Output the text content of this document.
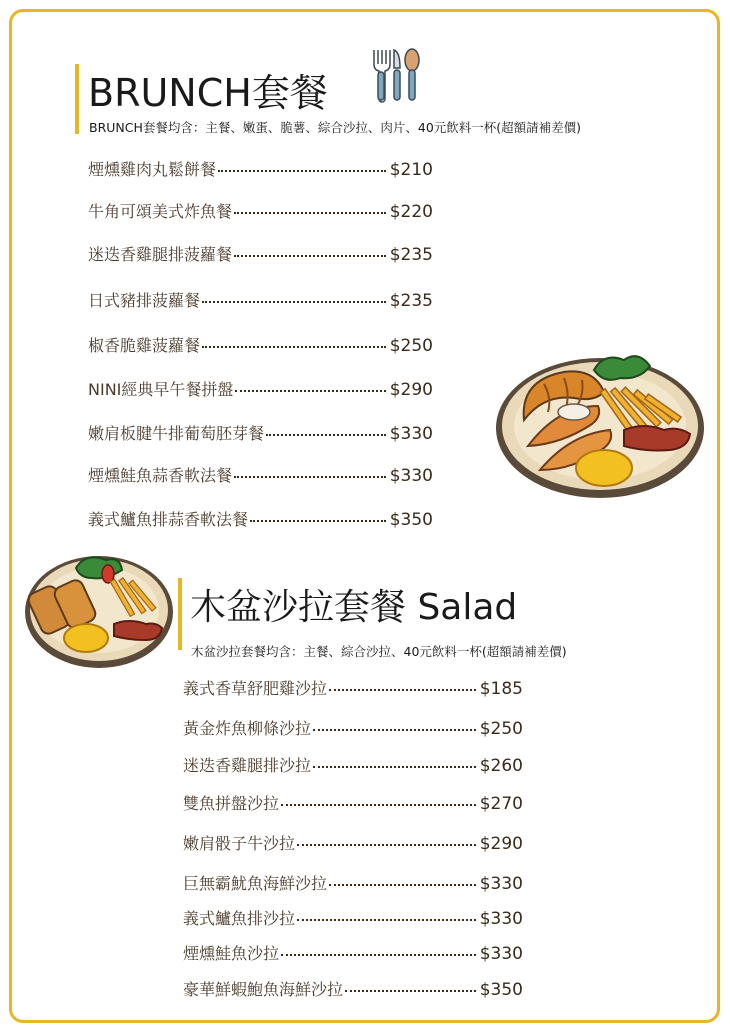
BRUNCH套餐
BRUNCH套餐均含：主餐、嫩蛋、脆薯、綜合沙拉、肉片、40元飲料一杯(超額請補差價)
煙燻雞肉丸鬆餅餐	$210
牛角可頌美式炸魚餐	$220
迷迭香雞腿排菠蘿餐	$235
日式豬排菠蘿餐	$235
椒香脆雞菠蘿餐	$250
NINI經典早午餐拼盤	$290
嫩肩板腱牛排葡萄胚芽餐	$330
煙燻鮭魚蒜香軟法餐	$330
義式鱸魚排蒜香軟法餐	$350
木盆沙拉套餐 Salad
木盆沙拉套餐均含：主餐、綜合沙拉、40元飲料一杯(超額請補差價)
義式香草舒肥雞沙拉	$185
黃金炸魚柳條沙拉	$250
迷迭香雞腿排沙拉	$260
雙魚拼盤沙拉	$270
嫩肩骰子牛沙拉	$290
巨無霸魷魚海鮮沙拉	$330
義式鱸魚排沙拉	$330
煙燻鮭魚沙拉	$330
豪華鮮蝦鮑魚海鮮沙拉	$350
